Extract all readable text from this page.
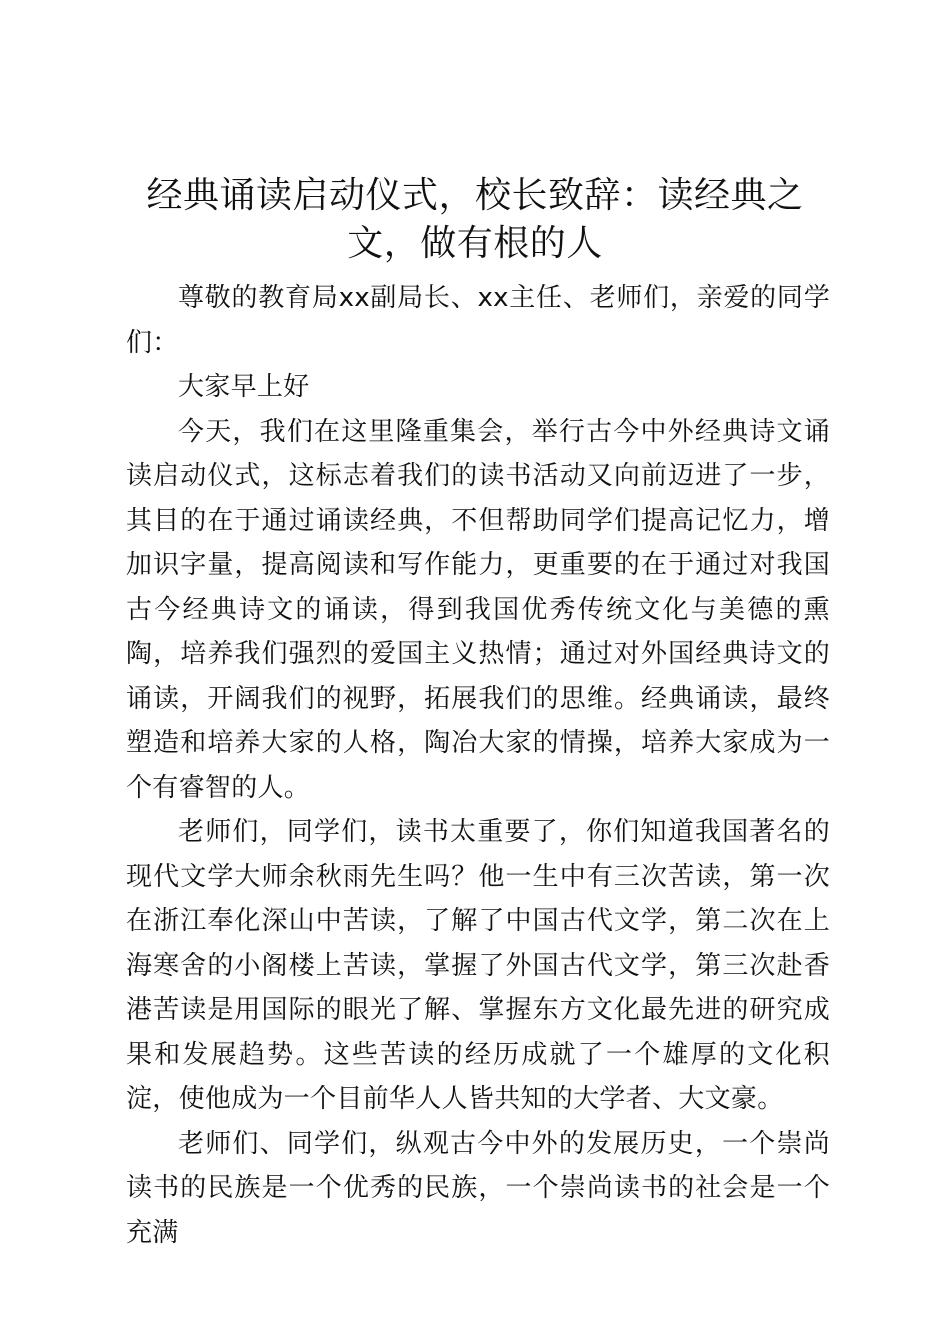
经典诵读启动仪式，校长致辞：读经典之文，做有根的人

尊敬的教育局xx副局长、xx主任、老师们，亲爱的同学们：

大家早上好

今天，我们在这里隆重集会，举行古今中外经典诗文诵读启动仪式，这标志着我们的读书活动又向前迈进了一步，其目的在于通过诵读经典，不但帮助同学们提高记忆力，增加识字量，提高阅读和写作能力，更重要的在于通过对我国古今经典诗文的诵读，得到我国优秀传统文化与美德的熏陶，培养我们强烈的爱国主义热情；通过对外国经典诗文的诵读，开阔我们的视野，拓展我们的思维。经典诵读，最终塑造和培养大家的人格，陶冶大家的情操，培养大家成为一个有睿智的人。

老师们，同学们，读书太重要了，你们知道我国著名的现代文学大师余秋雨先生吗？他一生中有三次苦读，第一次在浙江奉化深山中苦读，了解了中国古代文学，第二次在上海寒舍的小阁楼上苦读，掌握了外国古代文学，第三次赴香港苦读是用国际的眼光了解、掌握东方文化最先进的研究成果和发展趋势。这些苦读的经历成就了一个雄厚的文化积淀，使他成为一个目前华人人皆共知的大学者、大文豪。

老师们、同学们，纵观古今中外的发展历史，一个崇尚读书的民族是一个优秀的民族，一个崇尚读书的社会是一个充满
